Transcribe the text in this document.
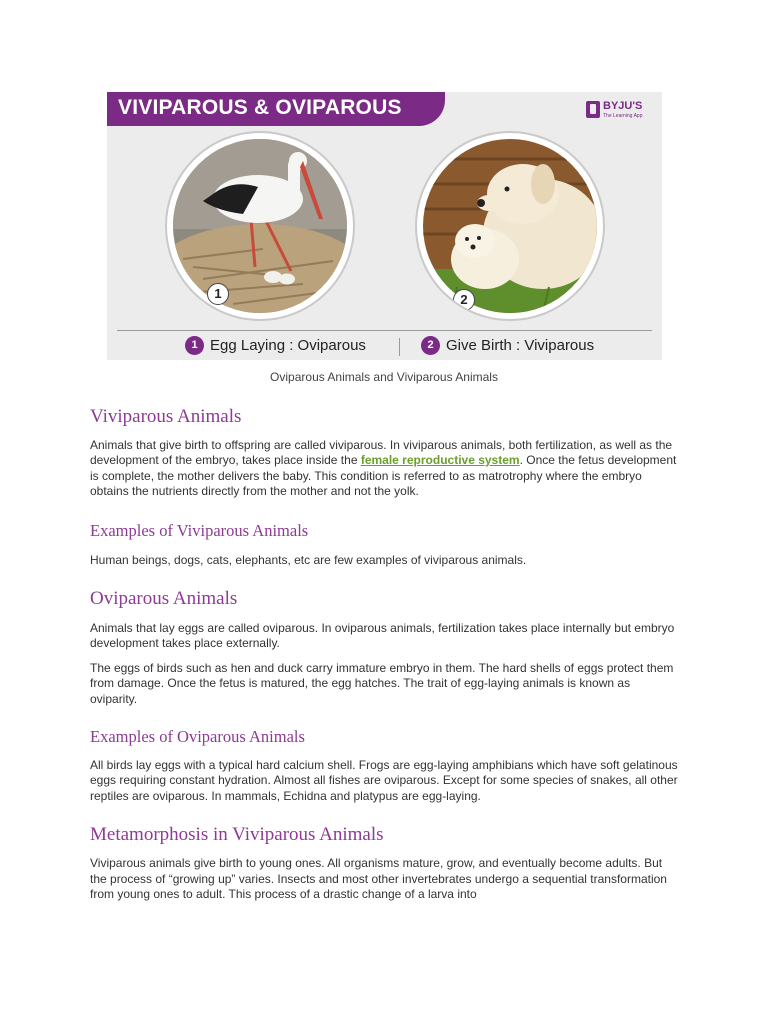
VIVIPAROUS & OVIPAROUS	BYJU'S
The Learning App
1	2
1 Egg Laying : Oviparous	2 Give Birth : Viviparous
Oviparous Animals and Viviparous Animals
Viviparous Animals

Animals that give birth to offspring are called viviparous. In viviparous animals, both fertilization, as well as the development of the embryo, takes place inside the female reproductive system. Once the fetus development is complete, the mother delivers the baby. This condition is referred to as matrotrophy where the embryo obtains the nutrients directly from the mother and not the yolk.

Examples of Viviparous Animals

Human beings, dogs, cats, elephants, etc are few examples of viviparous animals.

Oviparous Animals

Animals that lay eggs are called oviparous. In oviparous animals, fertilization takes place internally but embryo development takes place externally.

The eggs of birds such as hen and duck carry immature embryo in them. The hard shells of eggs protect them from damage. Once the fetus is matured, the egg hatches. The trait of egg-laying animals is known as oviparity.

Examples of Oviparous Animals

All birds lay eggs with a typical hard calcium shell. Frogs are egg-laying amphibians which have soft gelatinous eggs requiring constant hydration. Almost all fishes are oviparous. Except for some species of snakes, all other reptiles are oviparous. In mammals, Echidna and platypus are egg-laying.

Metamorphosis in Viviparous Animals

Viviparous animals give birth to young ones. All organisms mature, grow, and eventually become adults. But the process of “growing up” varies. Insects and most other invertebrates undergo a sequential transformation from young ones to adult. This process of a drastic change of a larva into
